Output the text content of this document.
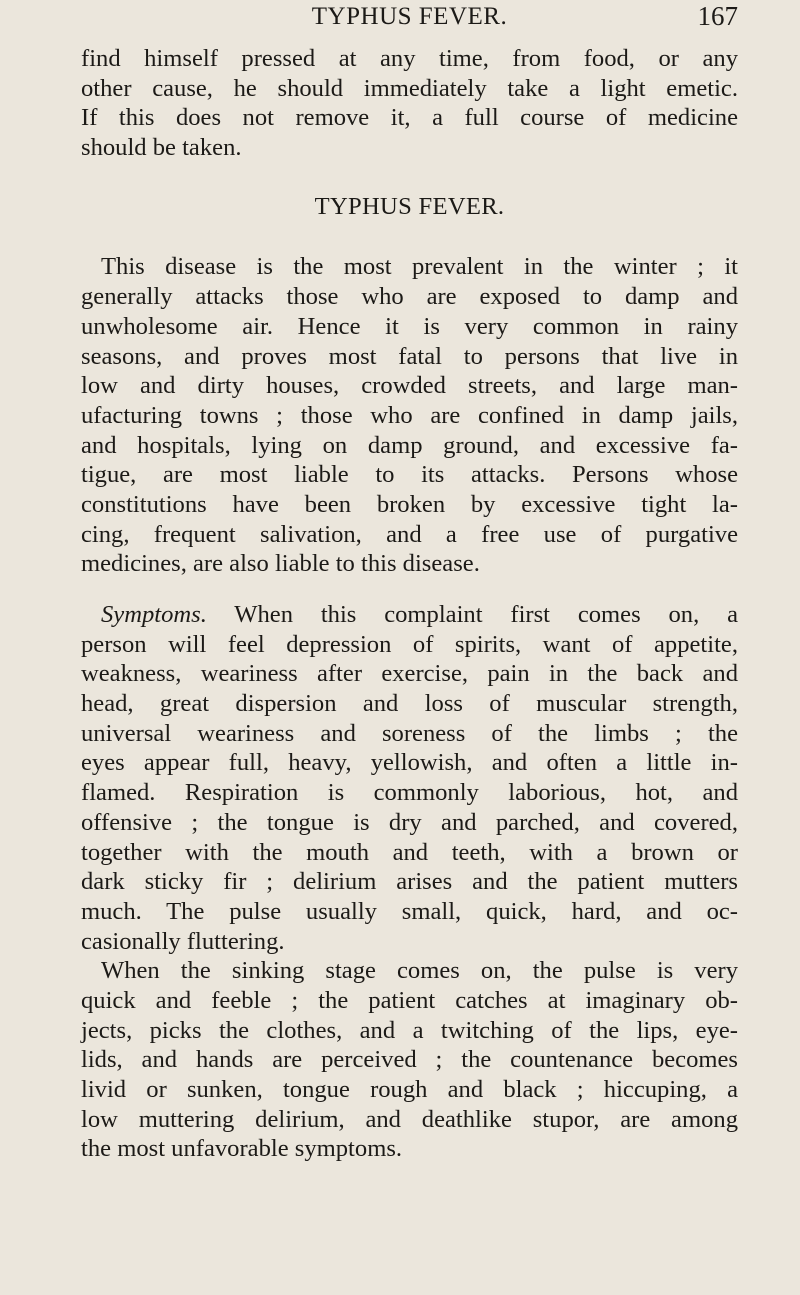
TYPHUS FEVER.	167
find himself pressed at any time, from food, or any
other cause, he should immediately take a light emetic.
If this does not remove it, a full course of medicine
should be taken.
TYPHUS FEVER.
This disease is the most prevalent in the winter ; it
generally attacks those who are exposed to damp and
unwholesome air. Hence it is very common in rainy
seasons, and proves most fatal to persons that live in
low and dirty houses, crowded streets, and large man-
ufacturing towns ; those who are confined in damp jails,
and hospitals, lying on damp ground, and excessive fa-
tigue, are most liable to its attacks. Persons whose
constitutions have been broken by excessive tight la-
cing, frequent salivation, and a free use of purgative
medicines, are also liable to this disease.
Symptoms. When this complaint first comes on, a
person will feel depression of spirits, want of appetite,
weakness, weariness after exercise, pain in the back and
head, great dispersion and loss of muscular strength,
universal weariness and soreness of the limbs ; the
eyes appear full, heavy, yellowish, and often a little in-
flamed. Respiration is commonly laborious, hot, and
offensive ; the tongue is dry and parched, and covered,
together with the mouth and teeth, with a brown or
dark sticky fir ; delirium arises and the patient mutters
much. The pulse usually small, quick, hard, and oc-
casionally fluttering.
When the sinking stage comes on, the pulse is very
quick and feeble ; the patient catches at imaginary ob-
jects, picks the clothes, and a twitching of the lips, eye-
lids, and hands are perceived ; the countenance becomes
livid or sunken, tongue rough and black ; hiccuping, a
low muttering delirium, and deathlike stupor, are among
the most unfavorable symptoms.
